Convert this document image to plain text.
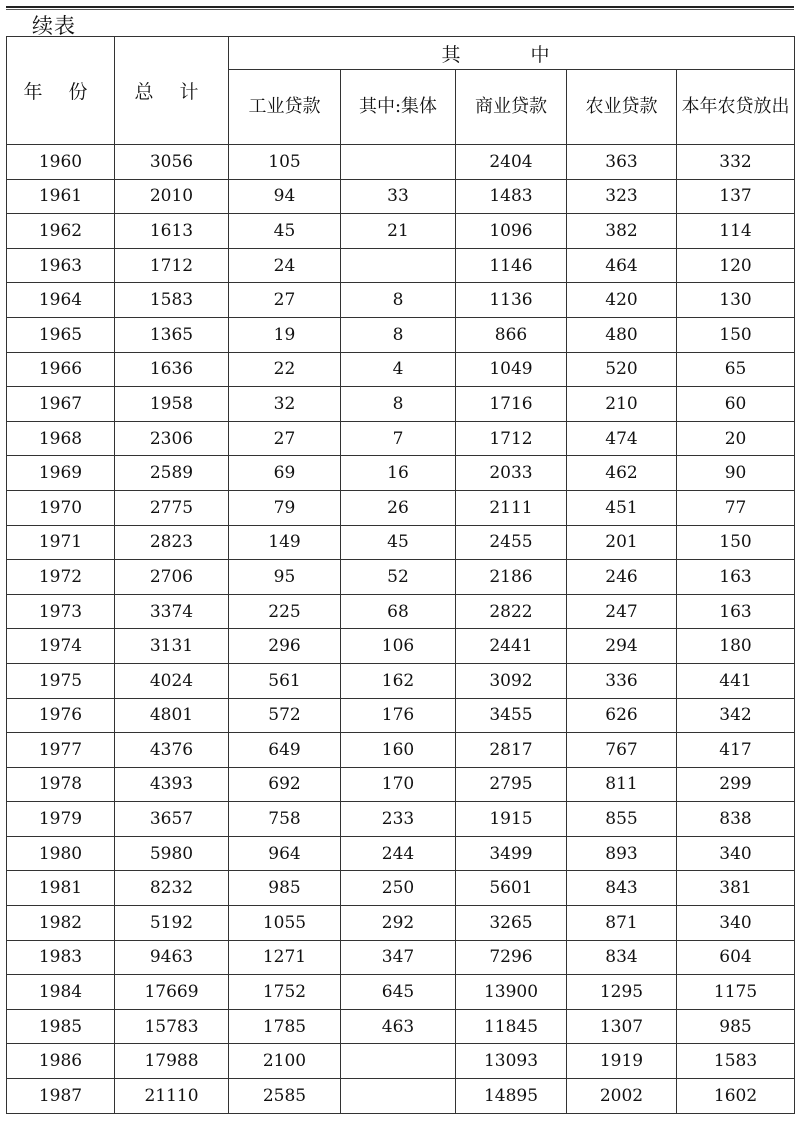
续表
年 份	总 计	其 中				
		工业贷款	其中:集体	商业贷款	农业贷款	本年农贷放出
1960	3056	105		2404	363	332
1961	2010	94	33	1483	323	137
1962	1613	45	21	1096	382	114
1963	1712	24		1146	464	120
1964	1583	27	8	1136	420	130
1965	1365	19	8	866	480	150
1966	1636	22	4	1049	520	65
1967	1958	32	8	1716	210	60
1968	2306	27	7	1712	474	20
1969	2589	69	16	2033	462	90
1970	2775	79	26	2111	451	77
1971	2823	149	45	2455	201	150
1972	2706	95	52	2186	246	163
1973	3374	225	68	2822	247	163
1974	3131	296	106	2441	294	180
1975	4024	561	162	3092	336	441
1976	4801	572	176	3455	626	342
1977	4376	649	160	2817	767	417
1978	4393	692	170	2795	811	299
1979	3657	758	233	1915	855	838
1980	5980	964	244	3499	893	340
1981	8232	985	250	5601	843	381
1982	5192	1055	292	3265	871	340
1983	9463	1271	347	7296	834	604
1984	17669	1752	645	13900	1295	1175
1985	15783	1785	463	11845	1307	985
1986	17988	2100		13093	1919	1583
1987	21110	2585		14895	2002	1602
